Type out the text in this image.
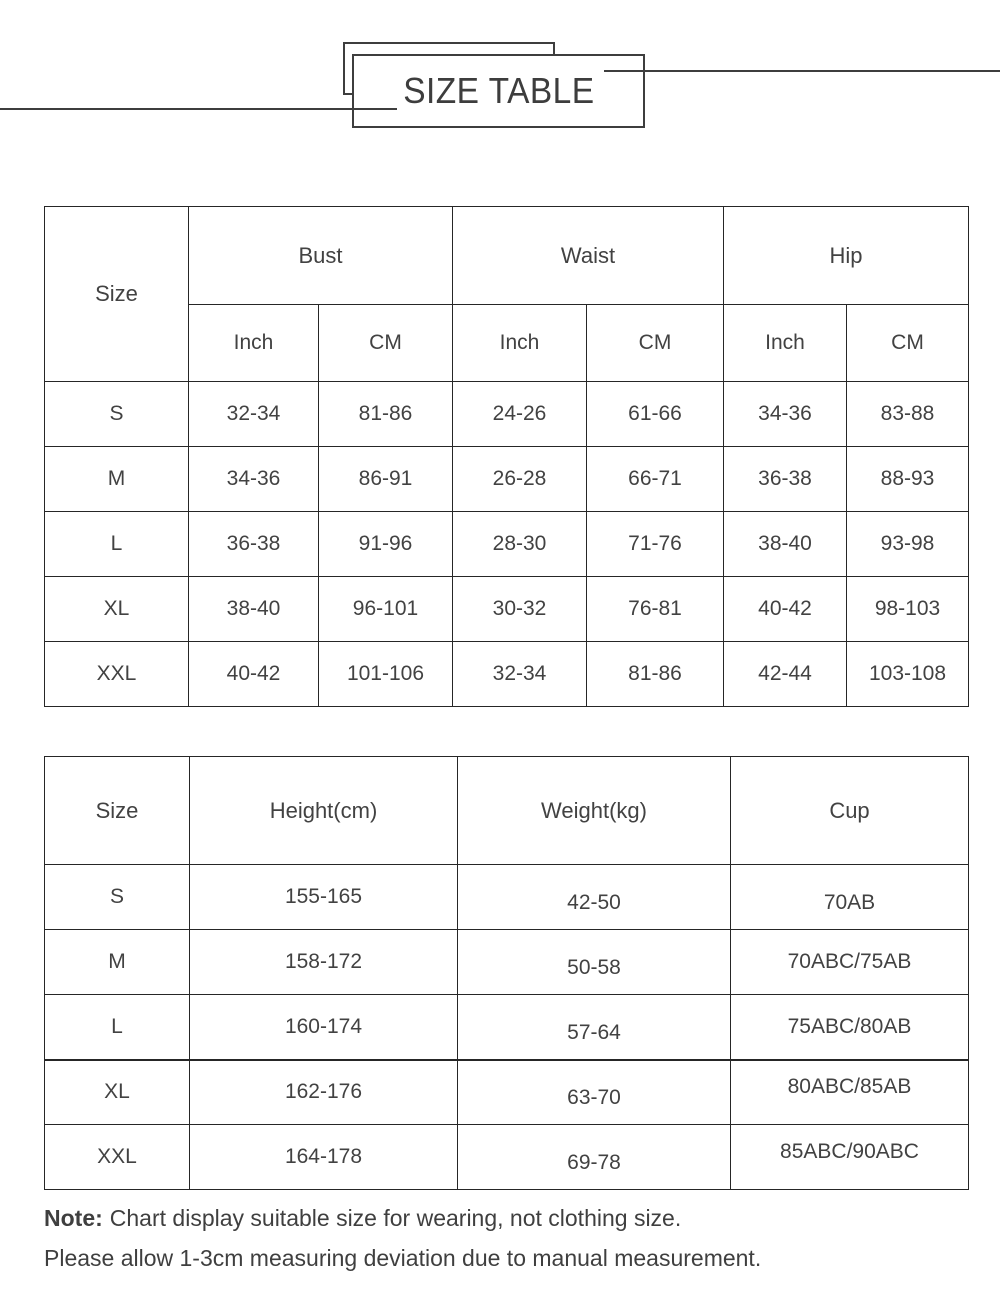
SIZE TABLE
Size	Bust		Waist		Hip	
	Inch	CM	Inch	CM	Inch	CM
S	32-34	81-86	24-26	61-66	34-36	83-88
M	34-36	86-91	26-28	66-71	36-38	88-93
L	36-38	91-96	28-30	71-76	38-40	93-98
XL	38-40	96-101	30-32	76-81	40-42	98-103
XXL	40-42	101-106	32-34	81-86	42-44	103-108
Size	Height(cm)	Weight(kg)	Cup
S	155-165	42-50	70AB
M	158-172	50-58	70ABC/75AB
L	160-174	57-64	75ABC/80AB
XL	162-176	63-70	80ABC/85AB
XXL	164-178	69-78	85ABC/90ABC

Note: Chart display suitable size for wearing, not clothing size.

Please allow 1-3cm measuring deviation due to manual measurement.
